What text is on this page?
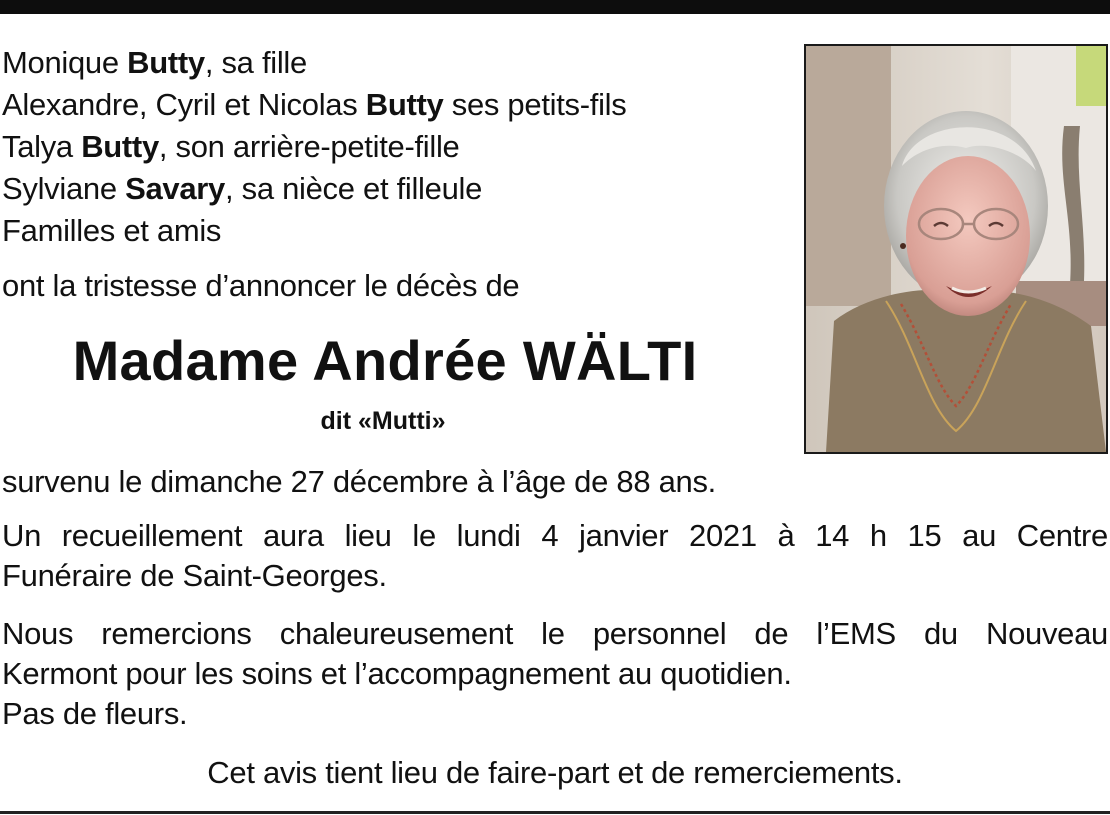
Monique Butty, sa fille
Alexandre, Cyril et Nicolas Butty ses petits-fils
Talya Butty, son arrière-petite-fille
Sylviane Savary, sa nièce et filleule
Familles et amis
ont la tristesse d’annoncer le décès de
Madame Andrée WÄLTI
dit «Mutti»
survenu le dimanche 27 décembre à l’âge de 88 ans.
Un recueillement aura lieu le lundi 4 janvier 2021 à 14 h 15 au Centre
Funéraire de Saint-Georges.
Nous remercions chaleureusement le personnel de l’EMS du Nouveau
Kermont pour les soins et l’accompagnement au quotidien.
Pas de fleurs.
Cet avis tient lieu de faire-part et de remerciements.
